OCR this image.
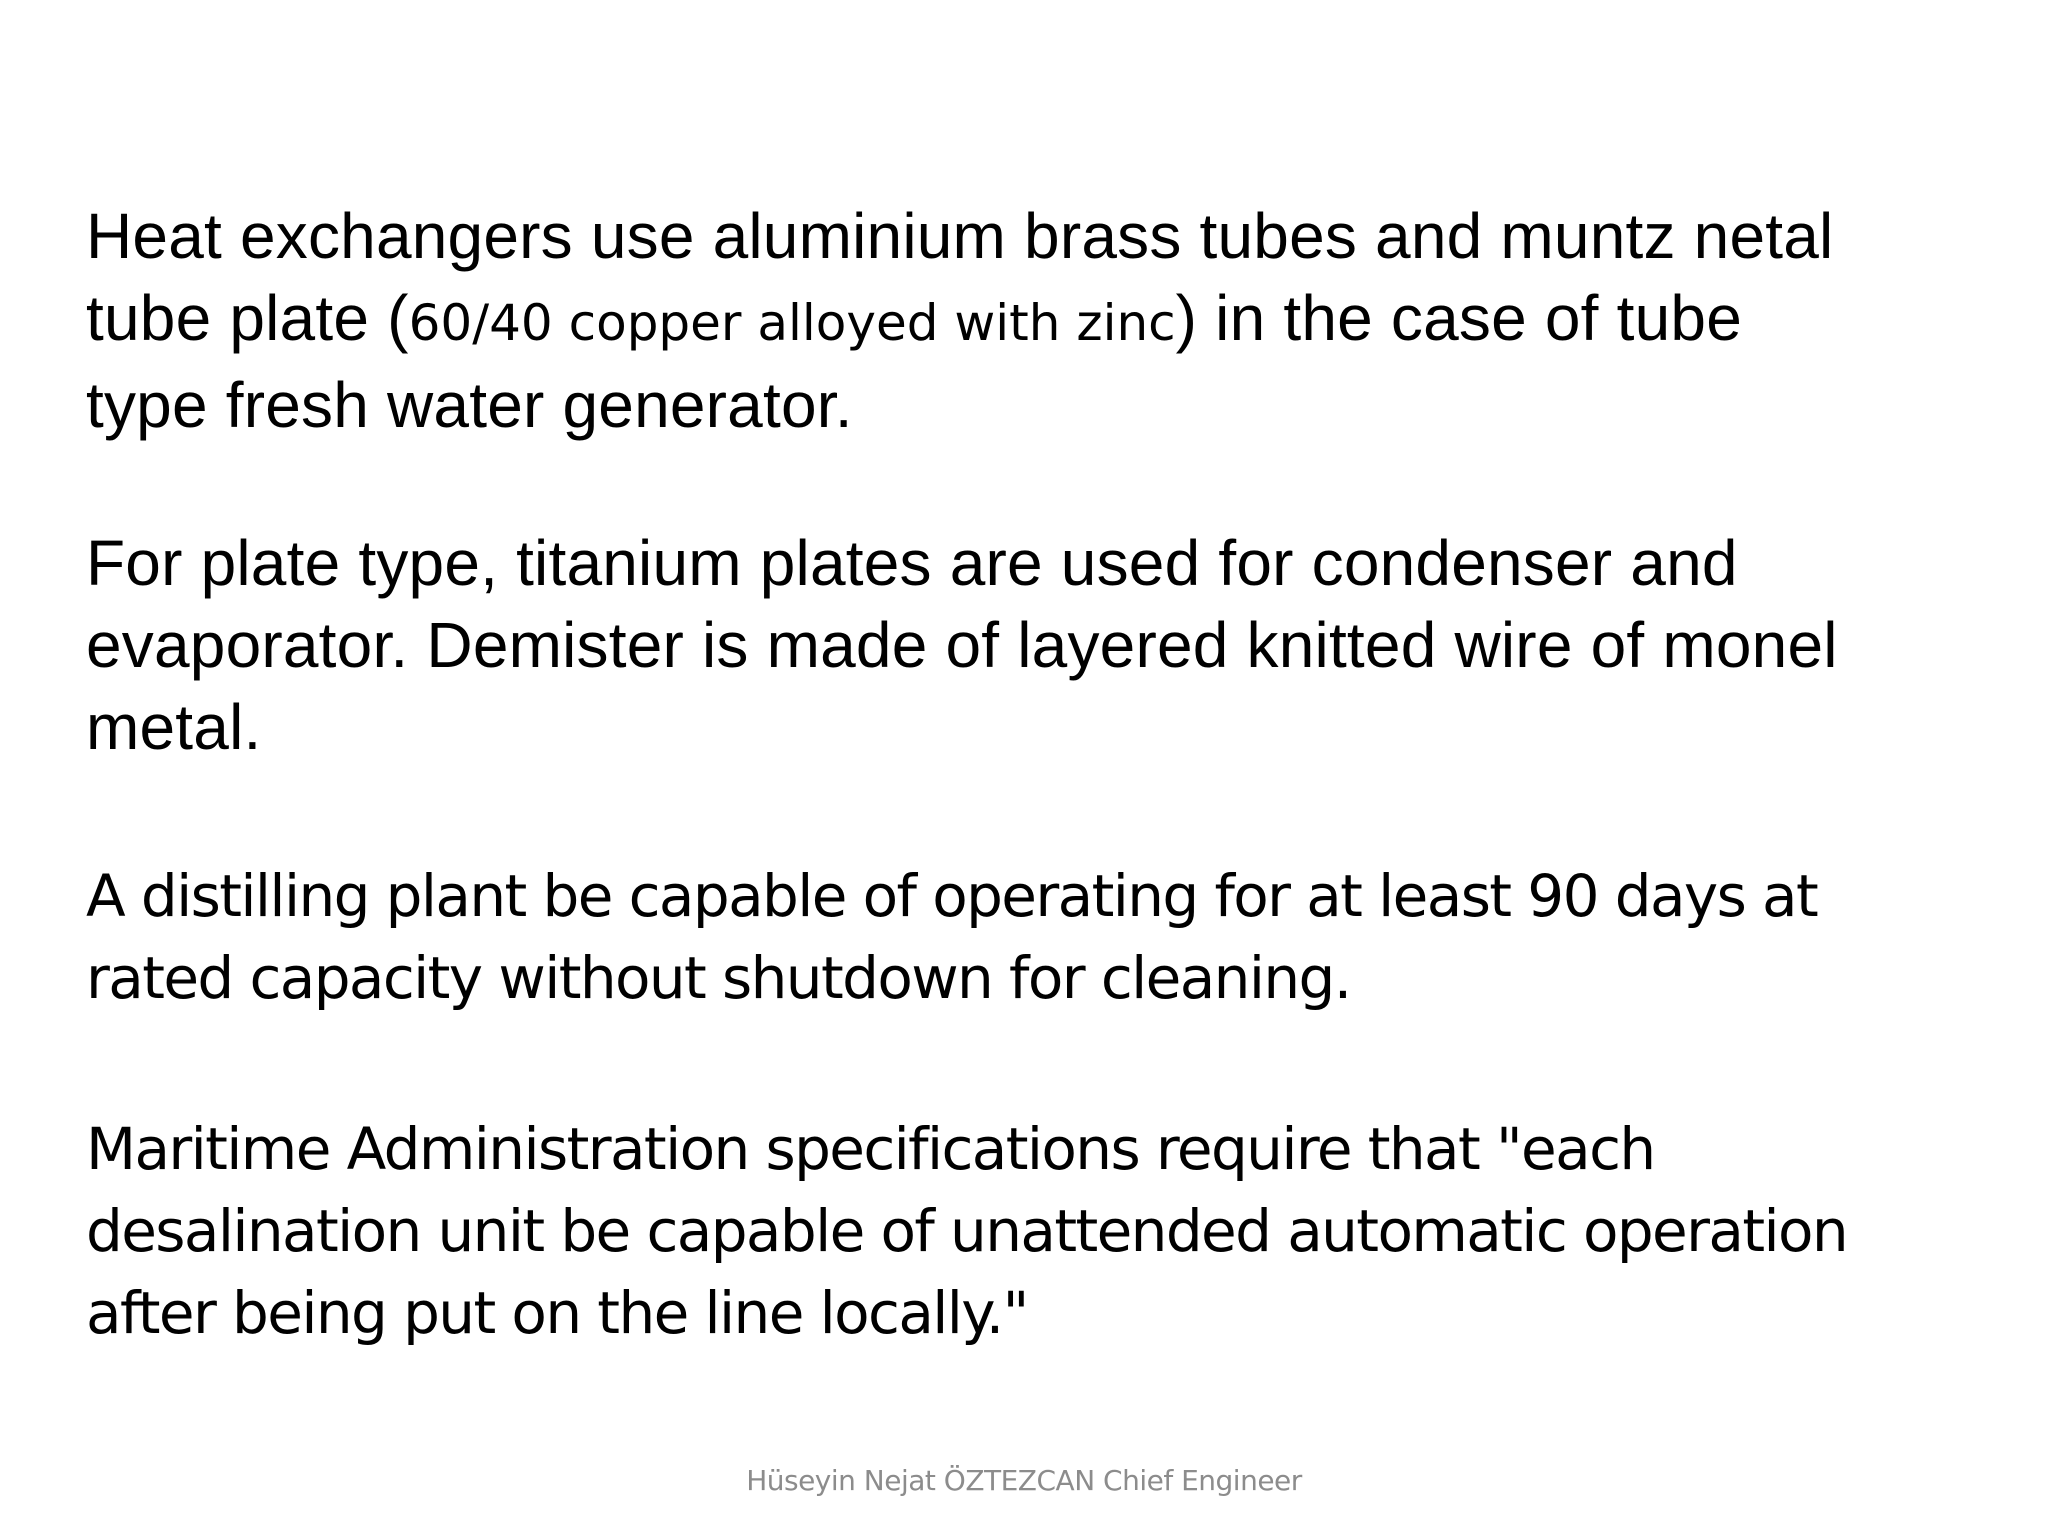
Heat exchangers use aluminium brass tubes and muntz netal
tube plate (60/40 copper alloyed with zinc) in the case of tube
type fresh water generator.

For plate type, titanium plates are used for condenser and
evaporator. Demister is made of layered knitted wire of monel
metal.

A distilling plant be capable of operating for at least 90 days at
rated capacity without shutdown for cleaning.

Maritime Administration specifications require that "each
desalination unit be capable of unattended automatic operation
after being put on the line locally."

Hüseyin Nejat ÖZTEZCAN Chief Engineer
